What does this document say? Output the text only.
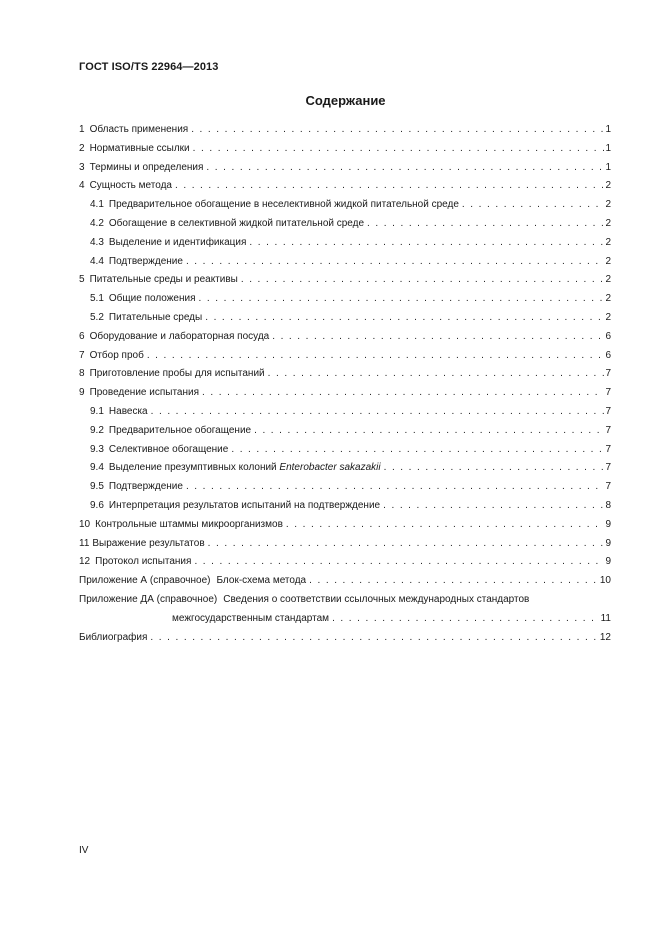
ГОСТ ISO/TS 22964—2013
Содержание
1 Область применения . . .	1
2 Нормативные ссылки . . .	1
3 Термины и определения . . .	1
4 Сущность метода . . .	2
4.1 Предварительное обогащение в неселективной жидкой питательной среде . . .	2
4.2 Обогащение в селективной жидкой питательной среде . . .	2
4.3 Выделение и идентификация . . .	2
4.4 Подтверждение . . .	2
5 Питательные среды и реактивы . . .	2
5.1 Общие положения . . .	2
5.2 Питательные среды . . .	2
6 Оборудование и лабораторная посуда . . .	6
7 Отбор проб . . .	6
8 Приготовление пробы для испытаний . . .	7
9 Проведение испытания . . .	7
9.1 Навеска . . .	7
9.2 Предварительное обогащение . . .	7
9.3 Селективное обогащение . . .	7
9.4 Выделение презумптивных колоний Enterobacter sakazakii . . .	7
9.5 Подтверждение . . .	7
9.6 Интерпретация результатов испытаний на подтверждение . . .	8
10 Контрольные штаммы микроорганизмов . . .	9
11 Выражение результатов . . .	9
12 Протокол испытания . . .	9
Приложение А (справочное) Блок-схема метода . . .	10
Приложение ДА (справочное) Сведения о соответствии ссылочных международных стандартов
межгосударственным стандартам . . .	11
Библиография . . .	12
IV
